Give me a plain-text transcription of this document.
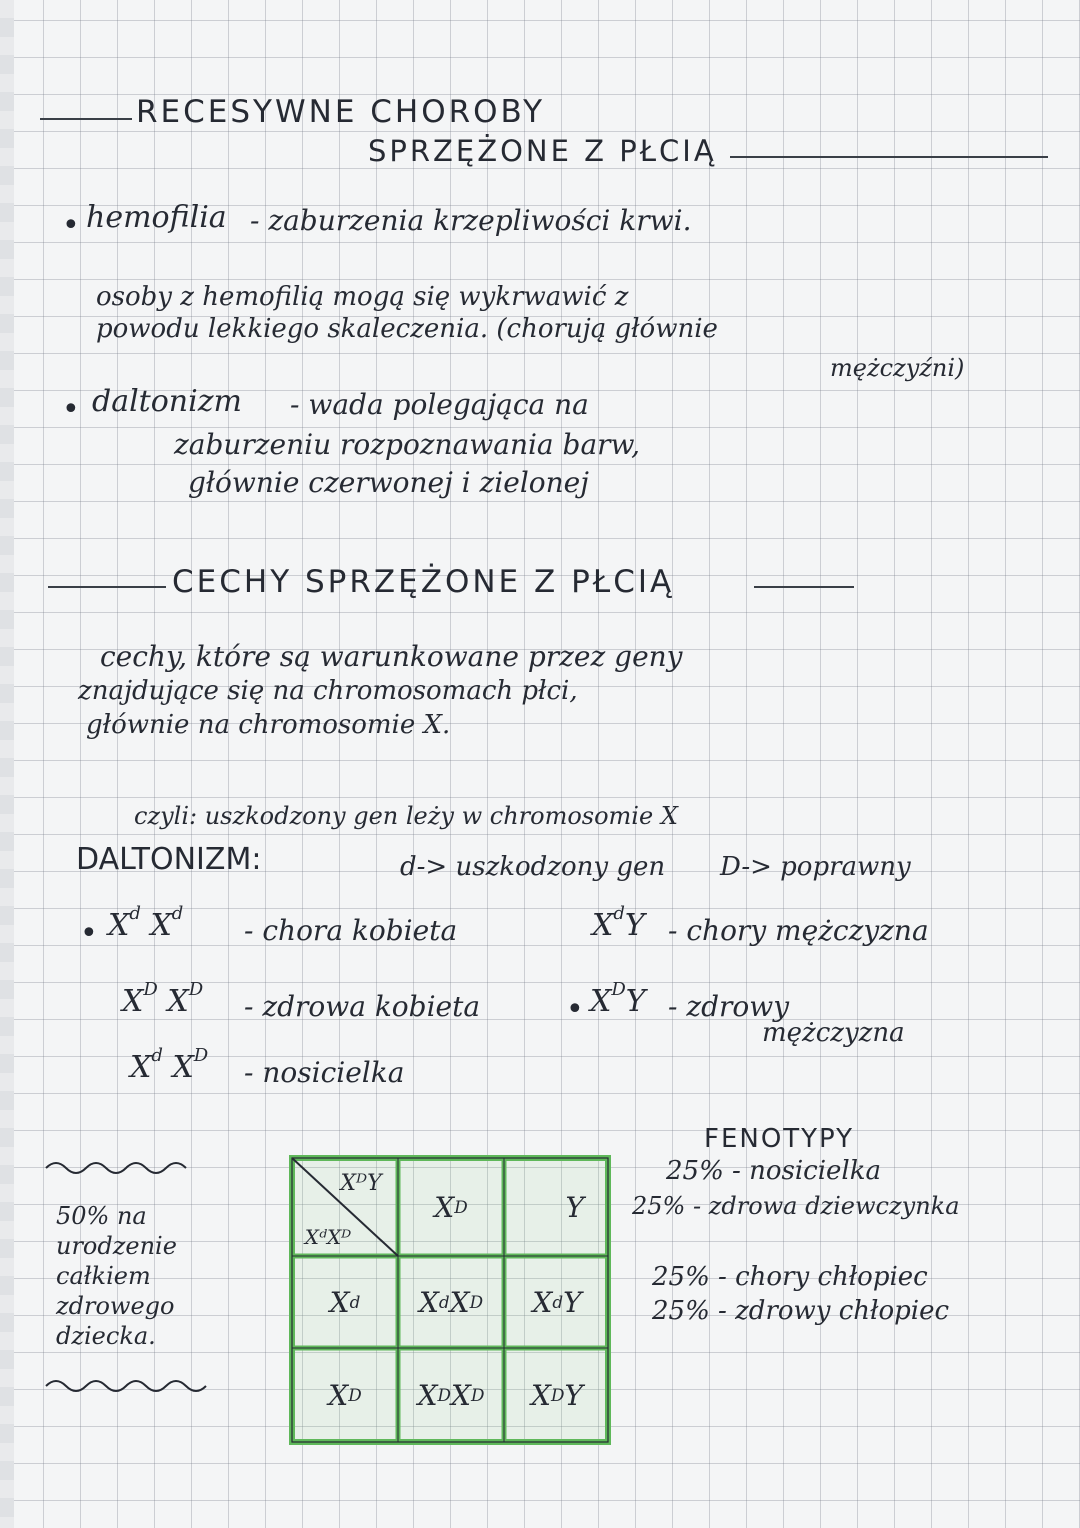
RECESYWNE CHOROBY
SPRZĘŻONE Z PŁCIĄ
• hemofilia - zaburzenia krzepliwości krwi.
osoby z hemofilią mogą się wykrwawić z
powodu lekkiego skaleczenia. (chorują głównie
mężczyźni)
• daltonizm - wada polegająca na
zaburzeniu rozpoznawania barw,
głównie czerwonej i zielonej
CECHY SPRZĘŻONE Z PŁCIĄ
cechy, które są warunkowane przez geny
znajdujące się na chromosomach płci,
głównie na chromosomie X.
czyli: uszkodzony gen leży w chromosomie X
DALTONIZM:	d-> uszkodzony gen D-> poprawny
• $X^d$ $X^d$
- chora kobieta
$X^D$ $X^D$
- zdrowa kobieta
$X^d$ $X^D$
- nosicielka
$X^dY$ - chory mężczyzna
• $X^DY$ - zdrowy
mężczyzna
50% na
urodzenie
całkiem
zdrowego
dziecka.
XᴰY
XᵈXᴰ
X D	Y
X d X d X D X d Y
X D X D X D X D Y
FENOTYPY
25% - nosicielka
25% - zdrowa dziewczynka
25% - chory chłopiec
25% - zdrowy chłopiec
